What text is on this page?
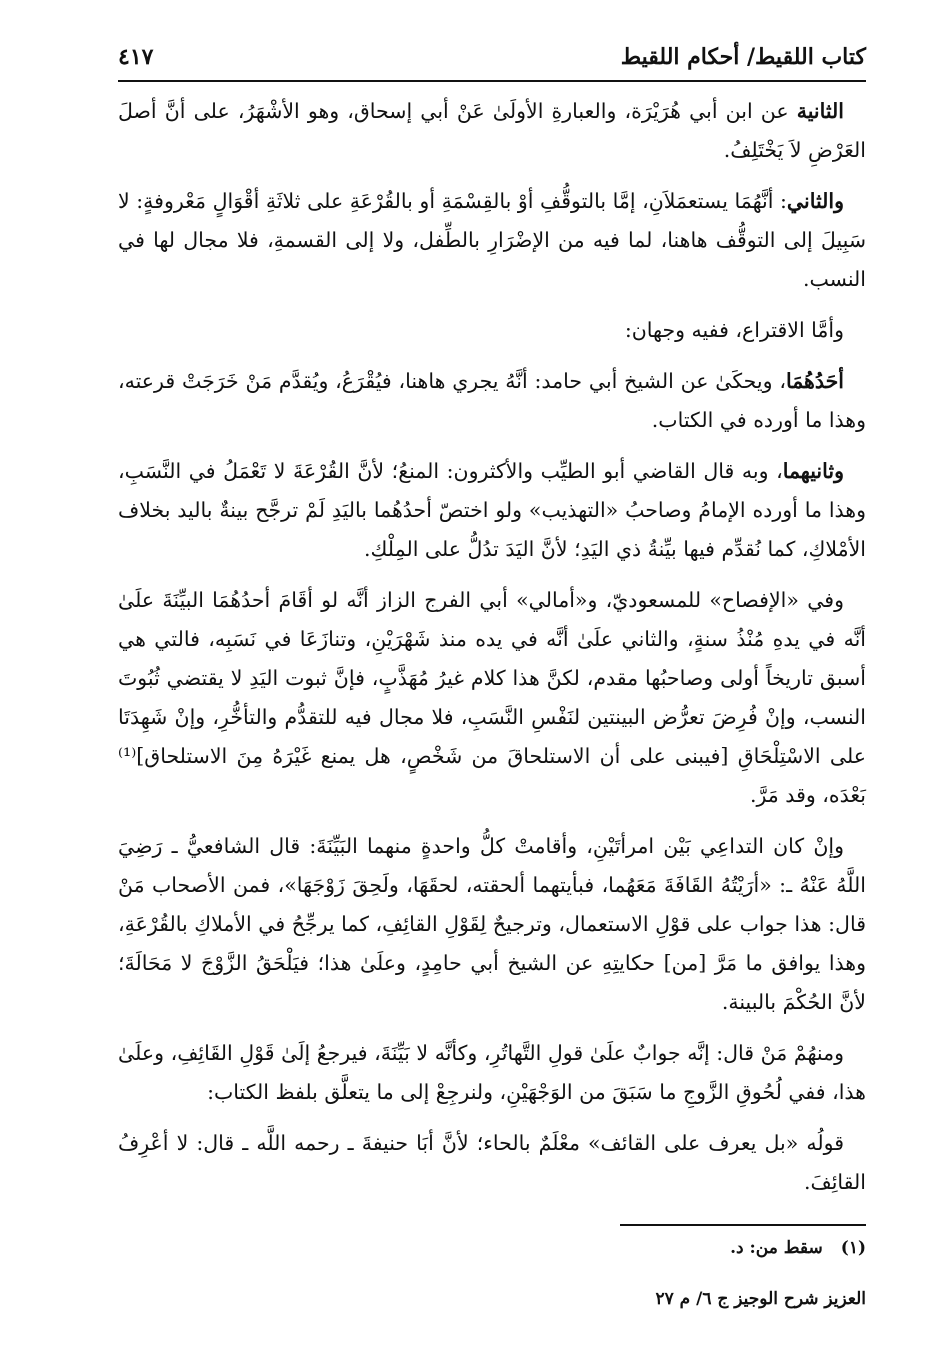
كتاب اللقيط/ أحكام اللقيط
٤١٧

الثانية عن ابن أبي هُرَيْرَة، والعبارةِ الأولَىٰ عَنْ أبي إسحاق، وهو الأشْهَرُ، على أنَّ أصلَ العَرْضِ لاَ يَخْتَلِفُ.

والثاني: أنَّهُمَا يستعمَلاَنِ، إمَّا بالتوقُّفِ أوْ بالقِسْمَةِ أو بالقُرْعَةِ على ثلاثَةِ أقْوَالٍ مَعْروفةٍ: لا سَبِيلَ إلى التوقُّف هاهنا، لما فيه من الإضْرَارِ بالطِّفل، ولا إلى القسمةِ، فلا مجال لها في النسب.

وأمَّا الاقتراع، ففيه وجهان:

أحَدُهُمَا، ويحكَىٰ عن الشيخ أبي حامد: أنَّهُ يجري هاهنا، فيُقْرَعُ، ويُقدَّم مَنْ خَرَجَتْ قرعته، وهذا ما أورده في الكتاب.

وثانيهما، وبه قال القاضي أبو الطيِّب والأكثرون: المنعُ؛ لأنَّ القُرْعَةَ لا تَعْمَلُ في النَّسَبِ، وهذا ما أورده الإمامُ وصاحبُ «التهذيب» ولو اختصّ أحدُهُما باليَدِ لَمْ ترجَّح بينةٌ باليد بخلاف الأمْلاكِ، كما نُقدِّم فيها بيِّنةُ ذي اليَدِ؛ لأنَّ اليَدَ تدُلُّ على المِلْكِ.

وفي «الإفصاح» للمسعوديّ، و«أمالي» أبي الفرج الزاز أنَّه لو أقَامَ أحدُهُمَا البيِّنَةَ علَىٰ أنَّه في يدهِ مُنْذُ سنةٍ، والثاني علَىٰ أنَّه في يده منذ شَهْرَيْنِ، وتنازَعَا في نَسَبِه، فالتي هي أسبق تاريخاً أولى وصاحبُها مقدم، لكنَّ هذا كلام غيرُ مُهَذَّبٍ، فإنَّ ثبوت اليَدِ لا يقتضي ثُبُوتَ النسب، وإنْ فُرِضَ تعرُّض البينتين لنَفْسِ النَّسَبِ، فلا مجال فيه للتقدُّم والتأخُّرِ، وإنْ شَهِدَتَا على الاسْتِلْحَاقِ [فيبنى على أن الاستلحاقَ من شَخْصٍ، هل يمنع غَيْرَهُ مِنَ الاستلحاق]⁽¹⁾ بَعْدَه، وقد مَرَّ.

وإنْ كان التداعِي بَيْن امرأتَيْنِ، وأقامتْ كلُّ واحدةٍ منهما البَيِّنَةَ: قال الشافعيُّ ـ رَضِيَ اللَّهُ عَنْهُ ـ: «أرَيْتُهُ القَافَةَ مَعَهُما، فبأيتهما ألحقته، لحقَهَا، ولَحِقَ زَوْجَهَا»، فمن الأصحاب مَنْ قال: هذا جواب على قوْلِ الاستعمال، وترجيحٌ لِقَوْلِ القائِفِ، كما يرجِّحُ في الأملاكِ بالقُرْعَةِ، وهذا يوافق ما مَرَّ [من] حكايتِهِ عن الشيخ أبي حامِدٍ، وعلَىٰ هذا؛ فيَلْحَقُ الزَّوْجَ لا مَحَالَةَ؛ لأنَّ الحُكْمَ بالبينة.

ومنهُمْ مَنْ قال: إنَّه جوابٌ علَىٰ قولِ التَّهاتُرِ، وكأنَّه لا بَيِّنَةَ، فيرجعُ إلَىٰ قَوْلِ القَائِفِ، وعلَىٰ هذا، ففي لُحُوقِ الزَّوجِ ما سَبَقَ من الوَجْهَيْنِ، ولنرجِعْ إلى ما يتعلَّق بلفظ الكتاب:

قولُه «بل يعرف على القائف» معْلَمٌ بالحاء؛ لأنَّ أبَا حنيفةَ ـ رحمه اللَّه ـ قال: لا أعْرِفُ القائِفَ.

(١)سقط من: د.
العزيز شرح الوجيز ج ٦/ م ٢٧
